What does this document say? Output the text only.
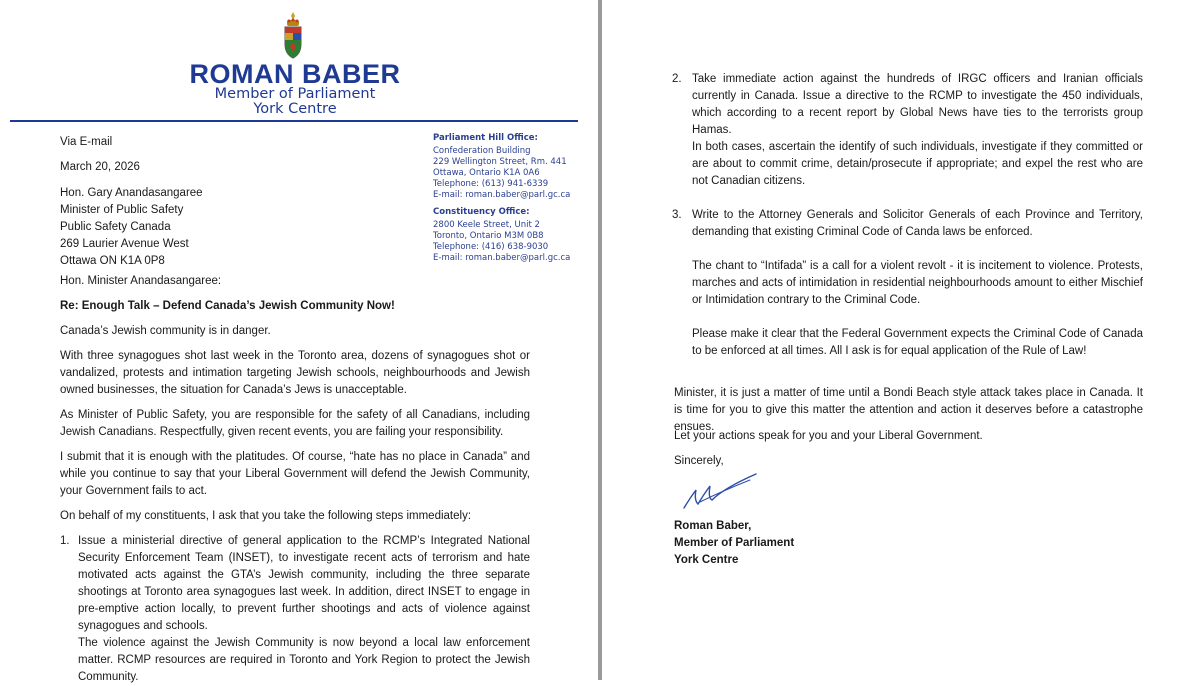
ROMAN BABER
Member of Parliament
York Centre
Parliament Hill Office:
Confederation Building
229 Wellington Street, Rm. 441
Ottawa, Ontario K1A 0A6
Telephone: (613) 941-6339
E-mail: roman.baber@parl.gc.ca
Constituency Office:
2800 Keele Street, Unit 2
Toronto, Ontario M3M 0B8
Telephone: (416) 638-9030
E-mail: roman.baber@parl.gc.ca
Via E-mail
March 20, 2026
Hon. Gary Anandasangaree
Minister of Public Safety
Public Safety Canada
269 Laurier Avenue West
Ottawa ON K1A 0P8
Hon. Minister Anandasangaree:
Re: Enough Talk – Defend Canada’s Jewish Community Now!
Canada’s Jewish community is in danger.
With three synagogues shot last week in the Toronto area, dozens of synagogues shot or vandalized, protests and intimation targeting Jewish schools, neighbourhoods and Jewish owned businesses, the situation for Canada’s Jews is unacceptable.
As Minister of Public Safety, you are responsible for the safety of all Canadians, including Jewish Canadians. Respectfully, given recent events, you are failing your responsibility.
I submit that it is enough with the platitudes. Of course, “hate has no place in Canada” and while you continue to say that your Liberal Government will defend the Jewish Community, your Government fails to act.
On behalf of my constituents, I ask that you take the following steps immediately:
1. Issue a ministerial directive of general application to the RCMP’s Integrated National Security Enforcement Team (INSET), to investigate recent acts of terrorism and hate motivated acts against the GTA’s Jewish community, including the three separate shootings at Toronto area synagogues last week. In addition, direct INSET to engage in pre-emptive action locally, to prevent further shootings and acts of violence against synagogues and schools.
The violence against the Jewish Community is now beyond a local law enforcement matter. RCMP resources are required in Toronto and York Region to protect the Jewish Community.
2. Take immediate action against the hundreds of IRGC officers and Iranian officials currently in Canada. Issue a directive to the RCMP to investigate the 450 individuals, which according to a recent report by Global News have ties to the terrorists group Hamas.
In both cases, ascertain the identify of such individuals, investigate if they committed or are about to commit crime, detain/prosecute if appropriate; and expel the rest who are not Canadian citizens.
3. Write to the Attorney Generals and Solicitor Generals of each Province and Territory, demanding that existing Criminal Code of Canda laws be enforced.
The chant to “Intifada” is a call for a violent revolt - it is incitement to violence. Protests, marches and acts of intimidation in residential neighbourhoods amount to either Mischief or Intimidation contrary to the Criminal Code.
Please make it clear that the Federal Government expects the Criminal Code of Canada to be enforced at all times. All I ask is for equal application of the Rule of Law!
Minister, it is just a matter of time until a Bondi Beach style attack takes place in Canada. It is time for you to give this matter the attention and action it deserves before a catastrophe ensues.
Let your actions speak for you and your Liberal Government.
Sincerely,
Roman Baber,
Member of Parliament
York Centre
